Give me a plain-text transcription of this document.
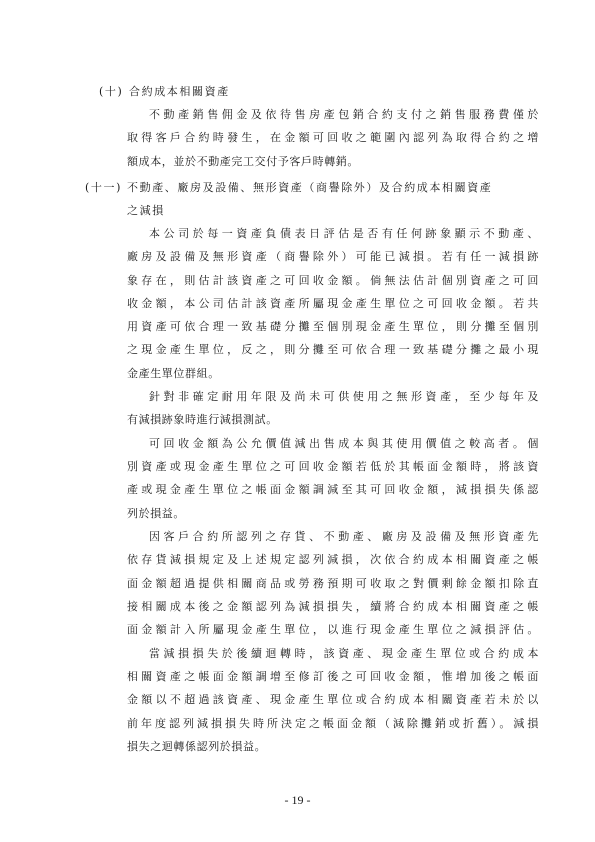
(十) 合約成本相關資產
不動產銷售佣金及依待售房產包銷合約支付之銷售服務費僅於
取得客戶合約時發生，在金額可回收之範圍內認列為取得合約之增
額成本，並於不動產完工交付予客戶時轉銷。
(十一) 不動產、廠房及設備、無形資產（商譽除外）及合約成本相關資產
之減損
本公司於每一資產負債表日評估是否有任何跡象顯示不動產、
廠房及設備及無形資產（商譽除外）可能已減損。若有任一減損跡
象存在，則估計該資產之可回收金額。倘無法估計個別資產之可回
收金額，本公司估計該資產所屬現金產生單位之可回收金額。若共
用資產可依合理一致基礎分攤至個別現金產生單位，則分攤至個別
之現金產生單位，反之，則分攤至可依合理一致基礎分攤之最小現
金產生單位群組。
針對非確定耐用年限及尚未可供使用之無形資產，至少每年及
有減損跡象時進行減損測試。
可回收金額為公允價值減出售成本與其使用價值之較高者。個
別資產或現金產生單位之可回收金額若低於其帳面金額時，將該資
產或現金產生單位之帳面金額調減至其可回收金額，減損損失係認
列於損益。
因客戶合約所認列之存貨、不動產、廠房及設備及無形資產先
依存貨減損規定及上述規定認列減損，次依合約成本相關資產之帳
面金額超過提供相關商品或勞務預期可收取之對價剩餘金額扣除直
接相關成本後之金額認列為減損損失，續將合約成本相關資產之帳
面金額計入所屬現金產生單位，以進行現金產生單位之減損評估。
當減損損失於後續迴轉時，該資產、現金產生單位或合約成本
相關資產之帳面金額調增至修訂後之可回收金額，惟增加後之帳面
金額以不超過該資產、現金產生單位或合約成本相關資產若未於以
前年度認列減損損失時所決定之帳面金額（減除攤銷或折舊）。減損
損失之迴轉係認列於損益。
- 19 -
